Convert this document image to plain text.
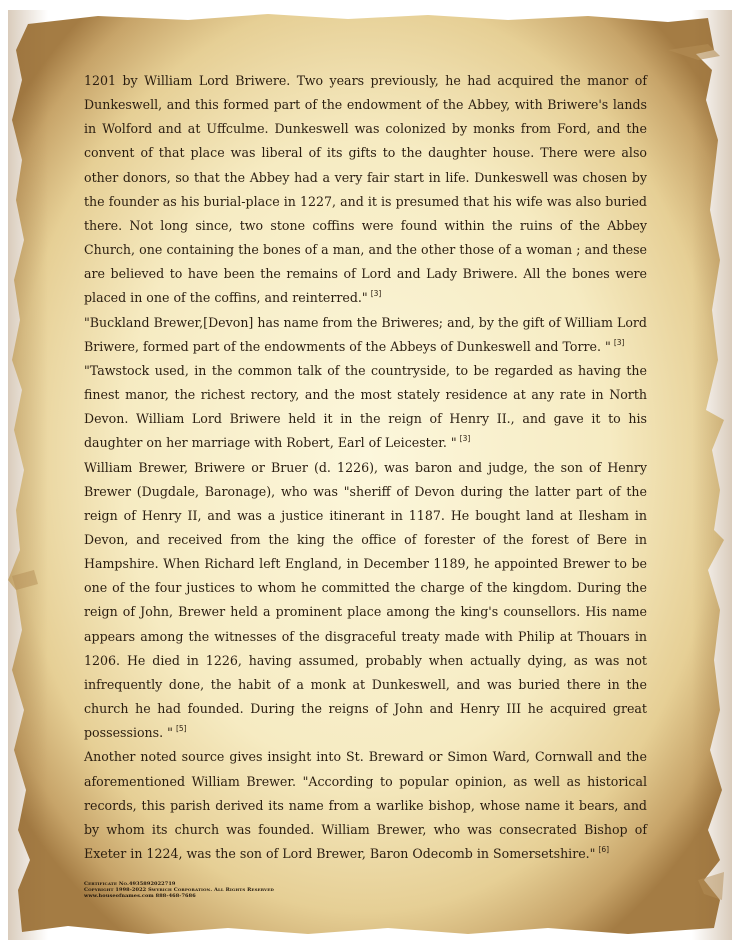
1201 by William Lord Briwere. Two years previously, he had acquired the manor of Dunkeswell, and this formed part of the endowment of the Abbey, with Briwere's lands in Wolford and at Uffculme. Dunkeswell was colonized by monks from Ford, and the convent of that place was liberal of its gifts to the daughter house. There were also other donors, so that the Abbey had a very fair start in life. Dunkeswell was chosen by the founder as his burial-place in 1227, and it is presumed that his wife was also buried there. Not long since, two stone coffins were found within the ruins of the Abbey Church, one containing the bones of a man, and the other those of a woman ; and these are believed to have been the remains of Lord and Lady Briwere. All the bones were placed in one of the coffins, and reinterred." [3]

"Buckland Brewer,[Devon] has name from the Briweres; and, by the gift of William Lord Briwere, formed part of the endowments of the Abbeys of Dunkeswell and Torre. " [3]

"Tawstock used, in the common talk of the countryside, to be regarded as having the finest manor, the richest rectory, and the most stately residence at any rate in North Devon. William Lord Briwere held it in the reign of Henry II., and gave it to his daughter on her marriage with Robert, Earl of Leicester. " [3]

William Brewer, Briwere or Bruer (d. 1226), was baron and judge, the son of Henry Brewer (Dugdale, Baronage), who was "sheriff of Devon during the latter part of the reign of Henry II, and was a justice itinerant in 1187. He bought land at Ilesham in Devon, and received from the king the office of forester of the forest of Bere in Hampshire. When Richard left England, in December 1189, he appointed Brewer to be one of the four justices to whom he committed the charge of the kingdom. During the reign of John, Brewer held a prominent place among the king's counsellors. His name appears among the witnesses of the disgraceful treaty made with Philip at Thouars in 1206. He died in 1226, having assumed, probably when actually dying, as was not infrequently done, the habit of a monk at Dunkeswell, and was buried there in the church he had founded. During the reigns of John and Henry III he acquired great possessions. " [5]

Another noted source gives insight into St. Breward or Simon Ward, Cornwall and the aforementioned William Brewer. "According to popular opinion, as well as historical records, this parish derived its name from a warlike bishop, whose name it bears, and by whom its church was founded. William Brewer, who was consecrated Bishop of Exeter in 1224, was the son of Lord Brewer, Baron Odecomb in Somersetshire." [6]

Certificate No.4935892022719
Copyright 1998-2022 Swyrich Corporation. All Rights Reserved
www.houseofnames.com 888-468-7686
